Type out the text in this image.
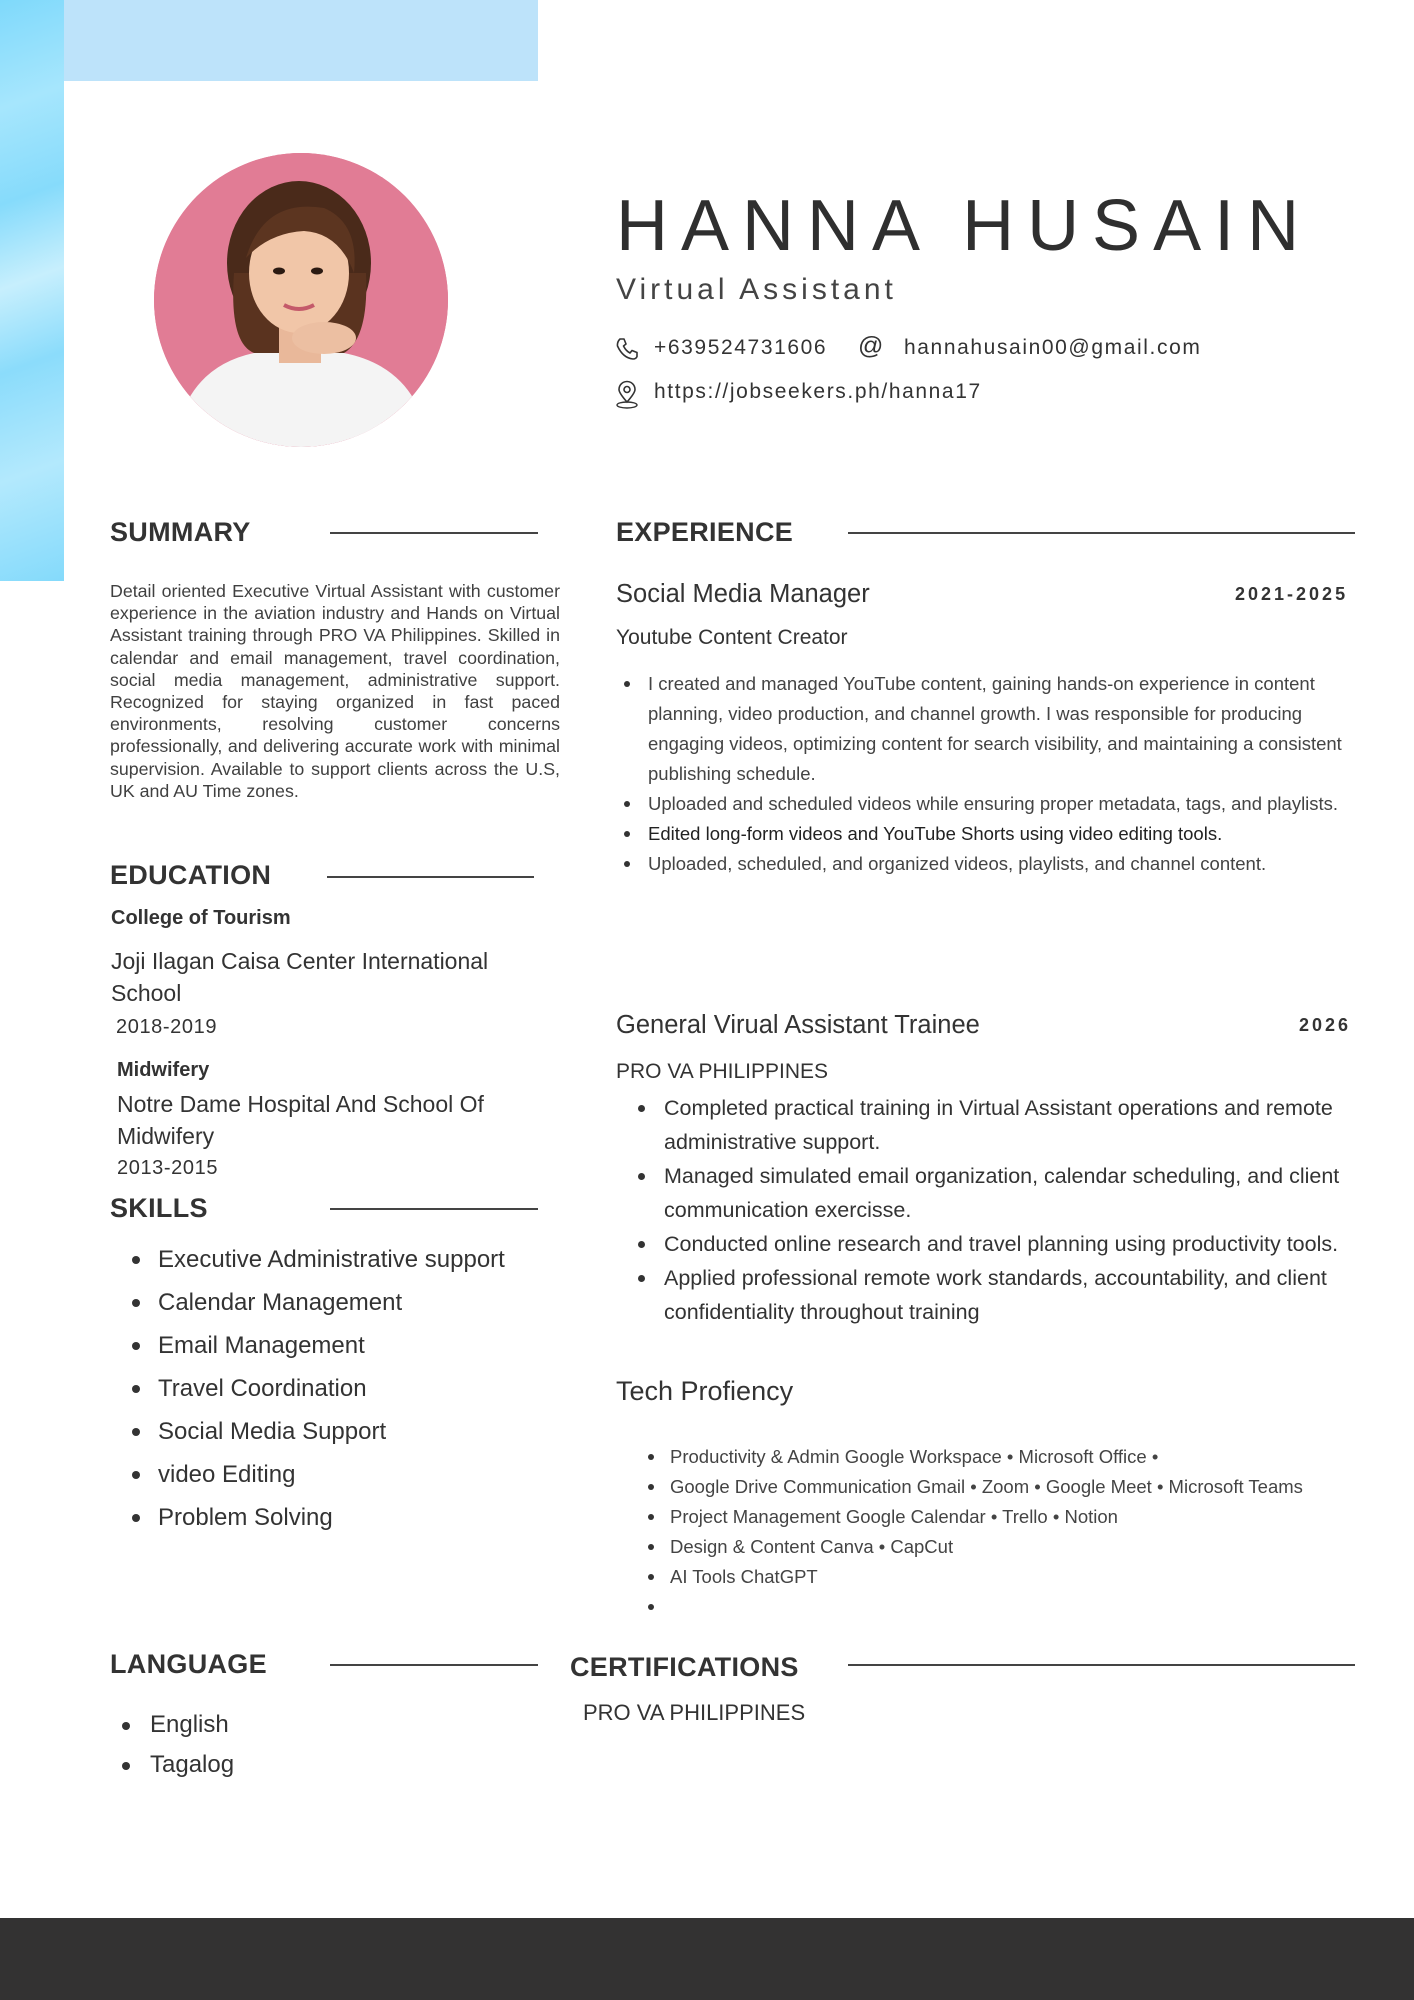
HANNA HUSAIN
Virtual Assistant
+639524731606 @ hannahusain00@gmail.com
https://jobseekers.ph/hanna17
SUMMARY
Detail oriented Executive Virtual Assistant with customer experience in the aviation industry and Hands on Virtual Assistant training through PRO VA Philippines. Skilled in calendar and email management, travel coordination, social media management, administrative support. Recognized for staying organized in fast paced environments, resolving customer concerns professionally, and delivering accurate work with minimal supervision. Available to support clients across the U.S, UK and AU Time zones.
EDUCATION
College of Tourism
Joji Ilagan Caisa Center International School
2018-2019
Midwifery
Notre Dame Hospital And School Of Midwifery
2013-2015
SKILLS
Executive Administrative support
Calendar Management
Email Management
Travel Coordination
Social Media Support
video Editing
Problem Solving
LANGUAGE
English
Tagalog
EXPERIENCE
Social Media Manager	2021-2025
Youtube Content Creator
I created and managed YouTube content, gaining hands-on experience in content planning, video production, and channel growth. I was responsible for producing engaging videos, optimizing content for search visibility, and maintaining a consistent publishing schedule.
Uploaded and scheduled videos while ensuring proper metadata, tags, and playlists.
Edited long-form videos and YouTube Shorts using video editing tools.
Uploaded, scheduled, and organized videos, playlists, and channel content.
General Virual Assistant Trainee	2026
PRO VA PHILIPPINES
Completed practical training in Virtual Assistant operations and remote administrative support.
Managed simulated email organization, calendar scheduling, and client communication exercisse.
Conducted online research and travel planning using productivity tools.
Applied professional remote work standards, accountability, and client confidentiality throughout training
Tech Profiency
Productivity & Admin Google Workspace • Microsoft Office •
Google Drive Communication Gmail • Zoom • Google Meet • Microsoft Teams
Project Management Google Calendar • Trello • Notion
Design & Content Canva • CapCut
AI Tools ChatGPT
CERTIFICATIONS
PRO VA PHILIPPINES
